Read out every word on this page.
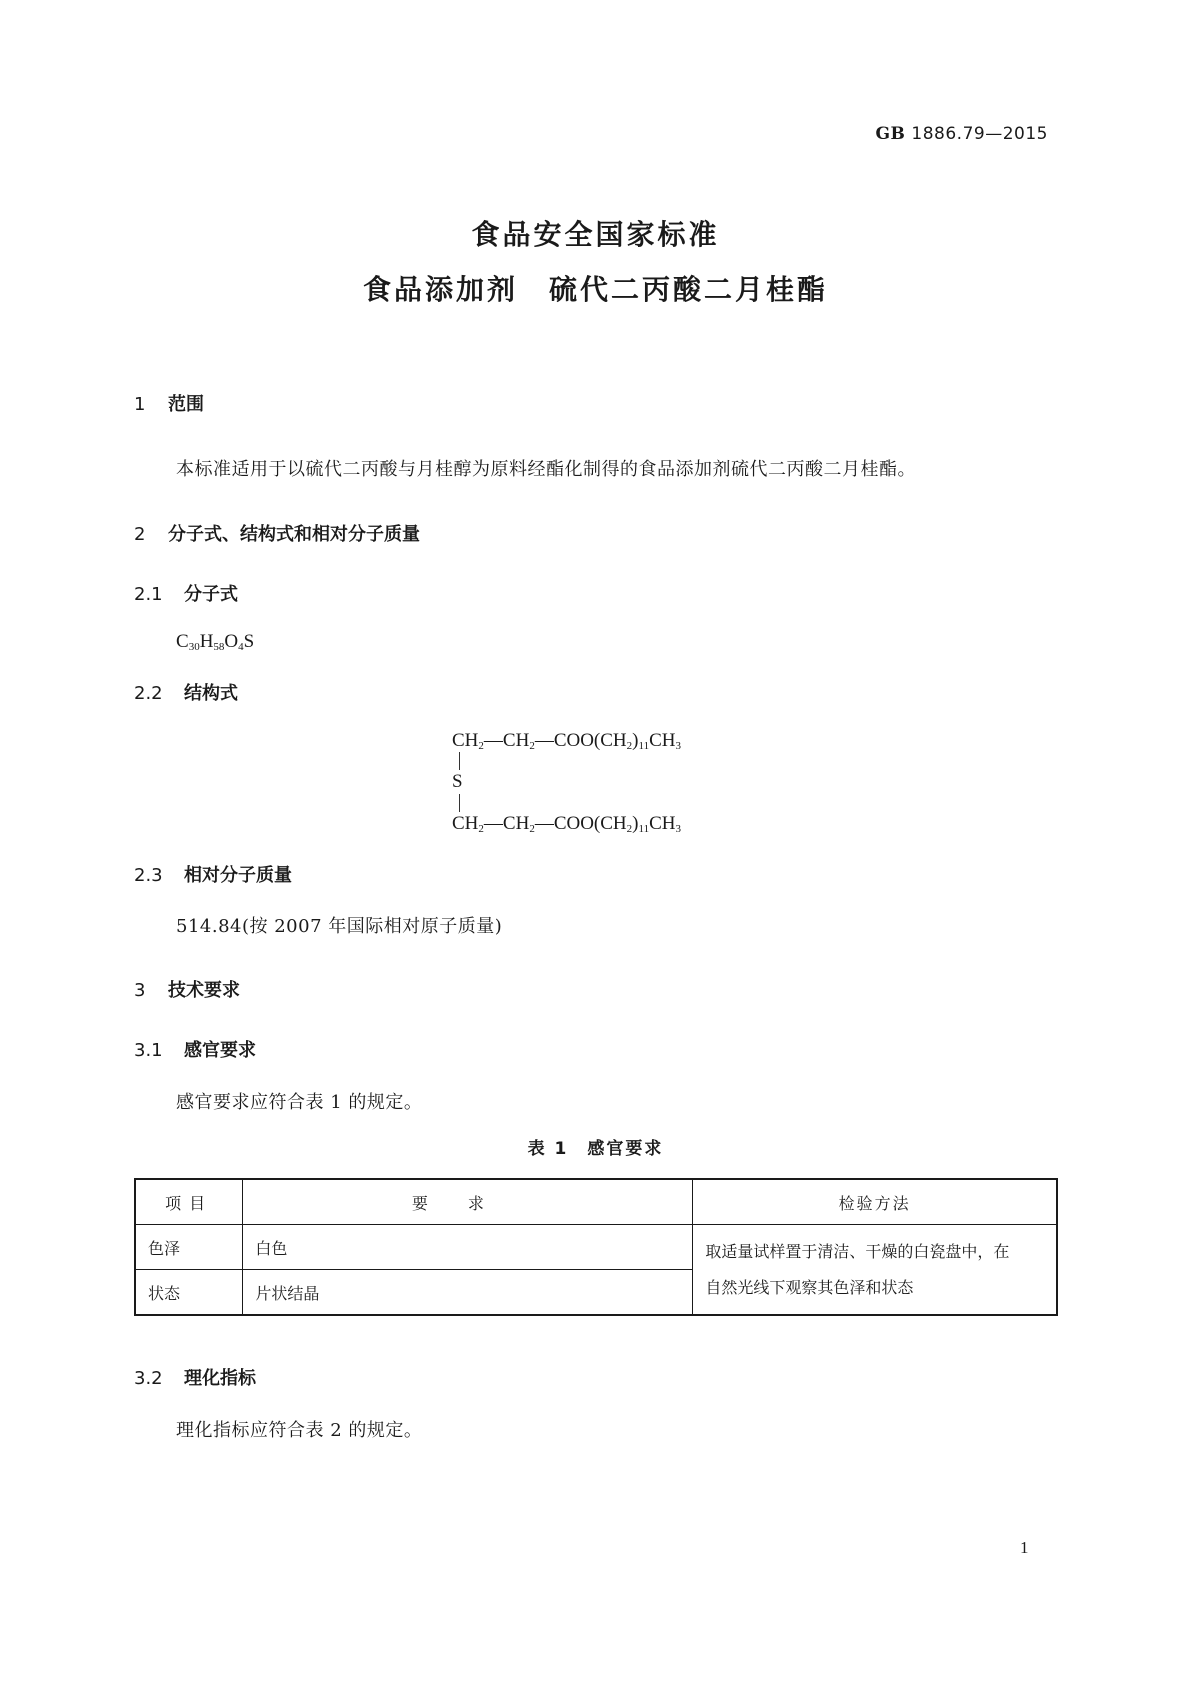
GB 1886.79—2015
食品安全国家标准
食品添加剂　硫代二丙酸二月桂酯
1 范围
本标准适用于以硫代二丙酸与月桂醇为原料经酯化制得的食品添加剂硫代二丙酸二月桂酯。
2 分子式、结构式和相对分子质量
2.1 分子式
$C_{30}H_{58}O_4S$
2.2 结构式
$CH_2—CH_2—COO(CH_2)_{11}CH_3$
S
$CH_2—CH_2—COO(CH_2)_{11}CH_3$
2.3 相对分子质量
514.84(按 2007 年国际相对原子质量)
3 技术要求
3.1 感官要求
感官要求应符合表 1 的规定。
表 1　感官要求
项目	要求	检验方法
色泽	白色	取适量试样置于清洁、干燥的白瓷盘中，在
自然光线下观察其色泽和状态

状态	片状结晶	
3.2 理化指标
理化指标应符合表 2 的规定。
1
